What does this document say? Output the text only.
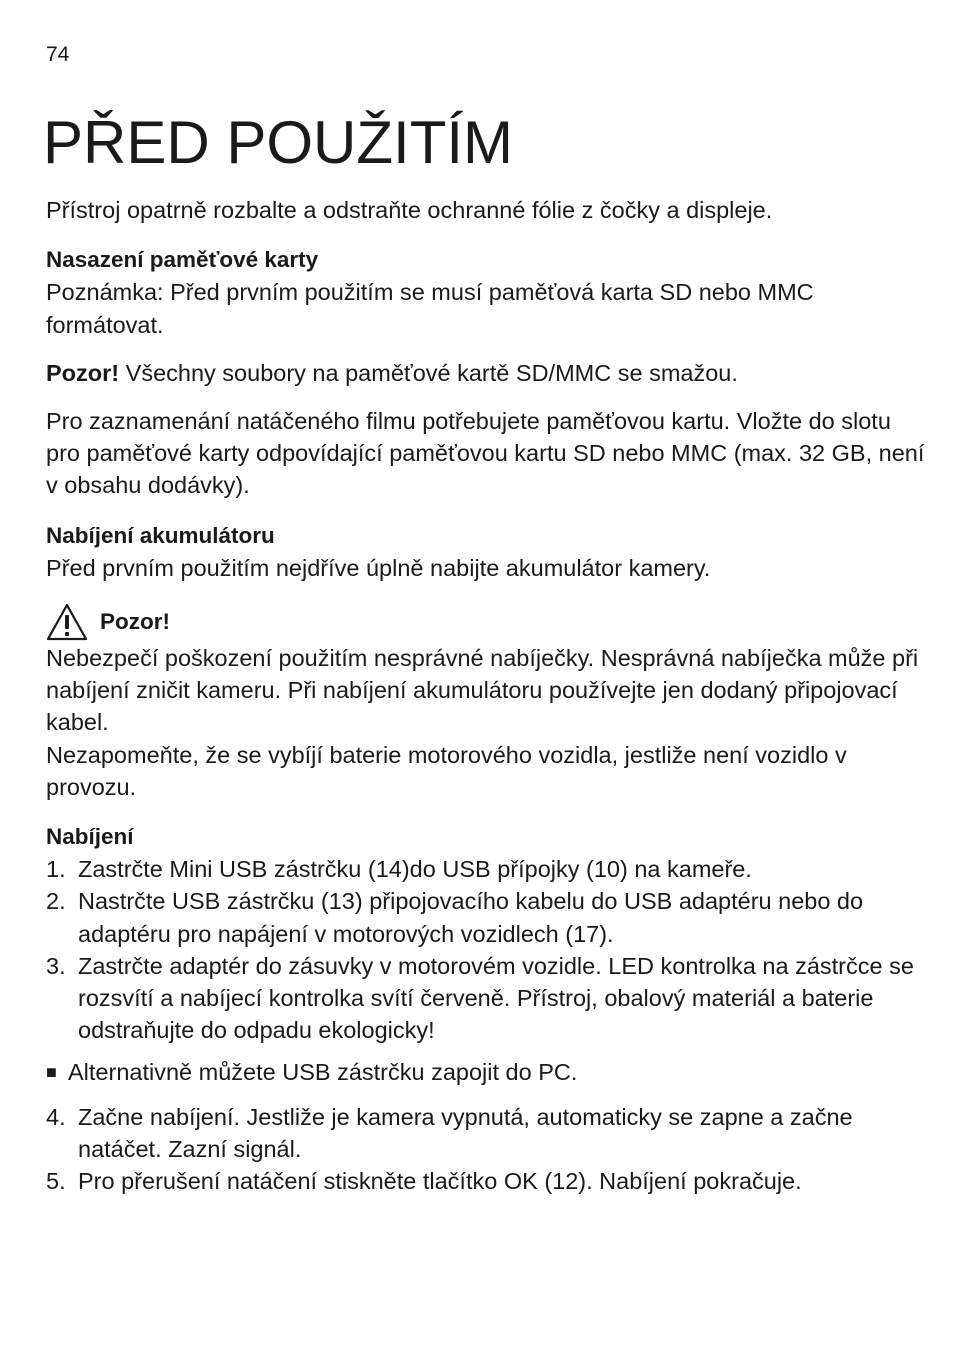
74
PŘED POUŽITÍM

Přístroj opatrně rozbalte a odstraňte ochranné fólie z čočky a displeje.

Nasazení paměťové karty

Poznámka: Před prvním použitím se musí paměťová karta SD nebo MMC formátovat.

Pozor! Všechny soubory na paměťové kartě SD/MMC se smažou.

Pro zaznamenání natáčeného filmu potřebujete paměťovou kartu. Vložte do slotu pro paměťové karty odpovídající paměťovou kartu SD nebo MMC (max. 32 GB, není v obsahu dodávky).

Nabíjení akumulátoru

Před prvním použitím nejdříve úplně nabijte akumulátor kamery.

Pozor!

Nebezpečí poškození použitím nesprávné nabíječky. Nesprávná nabíječka může při nabíjení zničit kameru. Při nabíjení akumulátoru používejte jen dodaný připojovací kabel.

Nezapomeňte, že se vybíjí baterie motorového vozidla, jestliže není vozidlo v provozu.

Nabíjení

1. Zastrčte Mini USB zástrčku (14)do USB přípojky (10) na kameře.
2. Nastrčte USB zástrčku (13) připojovacího kabelu do USB adaptéru nebo do adaptéru pro napájení v motorových vozidlech (17).
3. Zastrčte adaptér do zásuvky v motorovém vozidle. LED kontrolka na zástrčce se rozsvítí a nabíjecí kontrolka svítí červeně. Přístroj, obalový materiál a baterie odstraňujte do odpadu ekologicky!
■ Alternativně můžete USB zástrčku zapojit do PC.
4. Začne nabíjení. Jestliže je kamera vypnutá, automaticky se zapne a začne natáčet. Zazní signál.
5. Pro přerušení natáčení stiskněte tlačítko OK (12). Nabíjení pokračuje.
